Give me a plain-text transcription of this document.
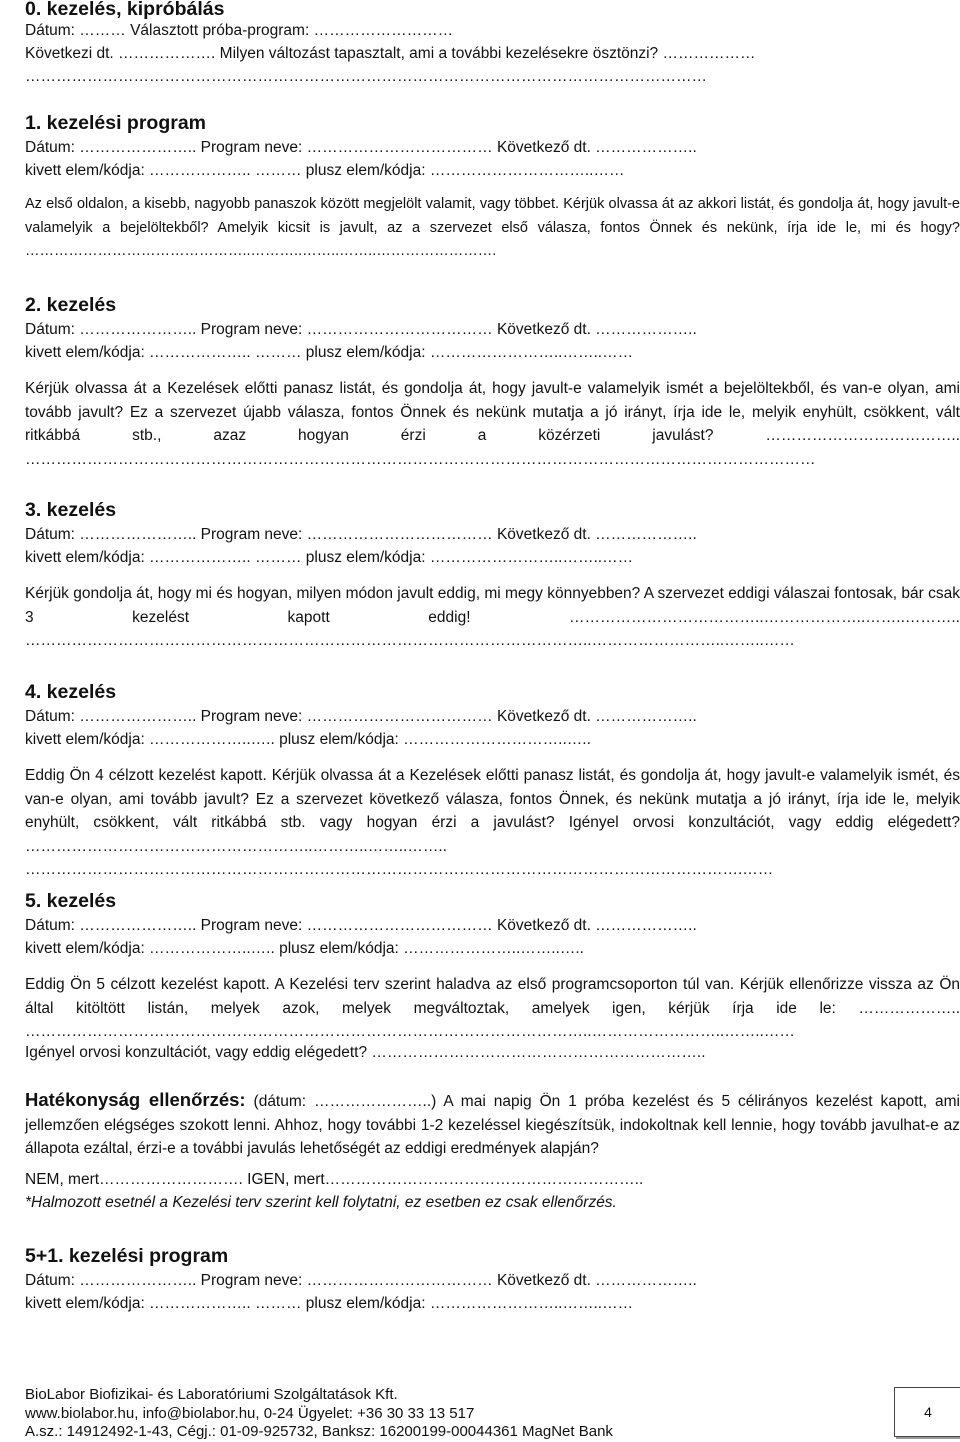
0. kezelés, kipróbálás
Dátum: ……… Választott próba-program: ………………………
Következi dt. ………………. Milyen változást tapasztalt, ami a további kezelésekre ösztönzi? ………………
……………………………………………………………………………………………………………………
1. kezelési program
Dátum: ………………….. Program neve: ……………………………… Következő dt. ………………..
kivett elem/kódja: ……………….. ……… plusz elem/kódja: …………………………..……
Az első oldalon, a kisebb, nagyobb panaszok között megjelölt valamit, vagy többet. Kérjük olvassa át az akkori listát, és gondolja át, hogy javult-e valamelyik a bejelöltekből? Amelyik kicsit is javult, az a szervezet első válasza, fontos Önnek és nekünk, írja ide le, mi és hogy? ………………………………………..………..……..……..…………………….
2. kezelés
Dátum: ………………….. Program neve: ……………………………… Következő dt. ………………..
kivett elem/kódja: ……………….. ……… plusz elem/kódja: ……………………..……..……
Kérjük olvassa át a Kezelések előtti panasz listát, és gondolja át, hogy javult-e valamelyik ismét a bejelöltekből, és van-e olyan, ami tovább javult? Ez a szervezet újabb válasza, fontos Önnek és nekünk mutatja a jó irányt, írja ide le, melyik enyhült, csökkent, vált ritkábbá stb., azaz hogyan érzi a közérzeti javulást? ……………………………….. ………………………………………………………………………………………………………………………………………
3. kezelés
Dátum: ………………….. Program neve: ……………………………… Következő dt. ………………..
kivett elem/kódja: ……………….. ……… plusz elem/kódja: ……………………..……..……
Kérjük gondolja át, hogy mi és hogyan, milyen módon javult eddig, mi megy könnyebben? A szervezet eddigi válaszai fontosak, bár csak 3 kezelést kapott eddig! ………………………………..………………..……..……….. ………………………………………………………………………………………………..……………………..……..……
4. kezelés
Dátum: ………………….. Program neve: ……………………………… Következő dt. ………………..
kivett elem/kódja: ………………..….. plusz elem/kódja: …………………………..…..
Eddig Ön 4 célzott kezelést kapott. Kérjük olvassa át a Kezelések előtti panasz listát, és gondolja át, hogy javult-e valamelyik ismét, és van-e olyan, ami tovább javult? Ez a szervezet következő válasza, fontos Önnek, és nekünk mutatja a jó irányt, írja ide le, melyik enyhült, csökkent, vált ritkábbá stb. vagy hogyan érzi a javulást? Igényel orvosi konzultációt, vagy eddig elégedett? ………………………………………………..………..……..…….. ………………………………………………………………………………………………………………………….……
5. kezelés
Dátum: ………………….. Program neve: ……………………………… Következő dt. ………………..
kivett elem/kódja: ………………..….. plusz elem/kódja: …………………..……..…..
Eddig Ön 5 célzott kezelést kapott. A Kezelési terv szerint haladva az első programcsoporton túl van. Kérjük ellenőrizze vissza az Ön által kitöltött listán, melyek azok, melyek megváltoztak, amelyek igen, kérjük írja ide le: ……………….. ………………………………………………………………………………………………..……………………..……..……
Igényel orvosi konzultációt, vagy eddig elégedett? ………………………………………………………..
Hatékonyság ellenőrzés: (dátum: …………………..) A mai napig Ön 1 próba kezelést és 5 célirányos kezelést kapott, ami jellemzően elégséges szokott lenni. Ahhoz, hogy további 1-2 kezeléssel kiegészítsük, indokoltnak kell lennie, hogy tovább javulhat-e az állapota ezáltal, érzi-e a további javulás lehetőségét az eddigi eredmények alapján?
NEM, mert………………………. IGEN, mert……………………………………………………..
*Halmozott esetnél a Kezelési terv szerint kell folytatni, ez esetben ez csak ellenőrzés.
5+1. kezelési program
Dátum: ………………….. Program neve: ……………………………… Következő dt. ………………..
kivett elem/kódja: ……………….. ……… plusz elem/kódja: ……………………..……..……
BioLabor Biofizikai- és Laboratóriumi Szolgáltatások Kft.
www.biolabor.hu, info@biolabor.hu, 0-24 Ügyelet: +36 30 33 13 517
A.sz.: 14912492-1-43, Cégj.: 01-09-925732, Banksz: 16200199-00044361 MagNet Bank
4
